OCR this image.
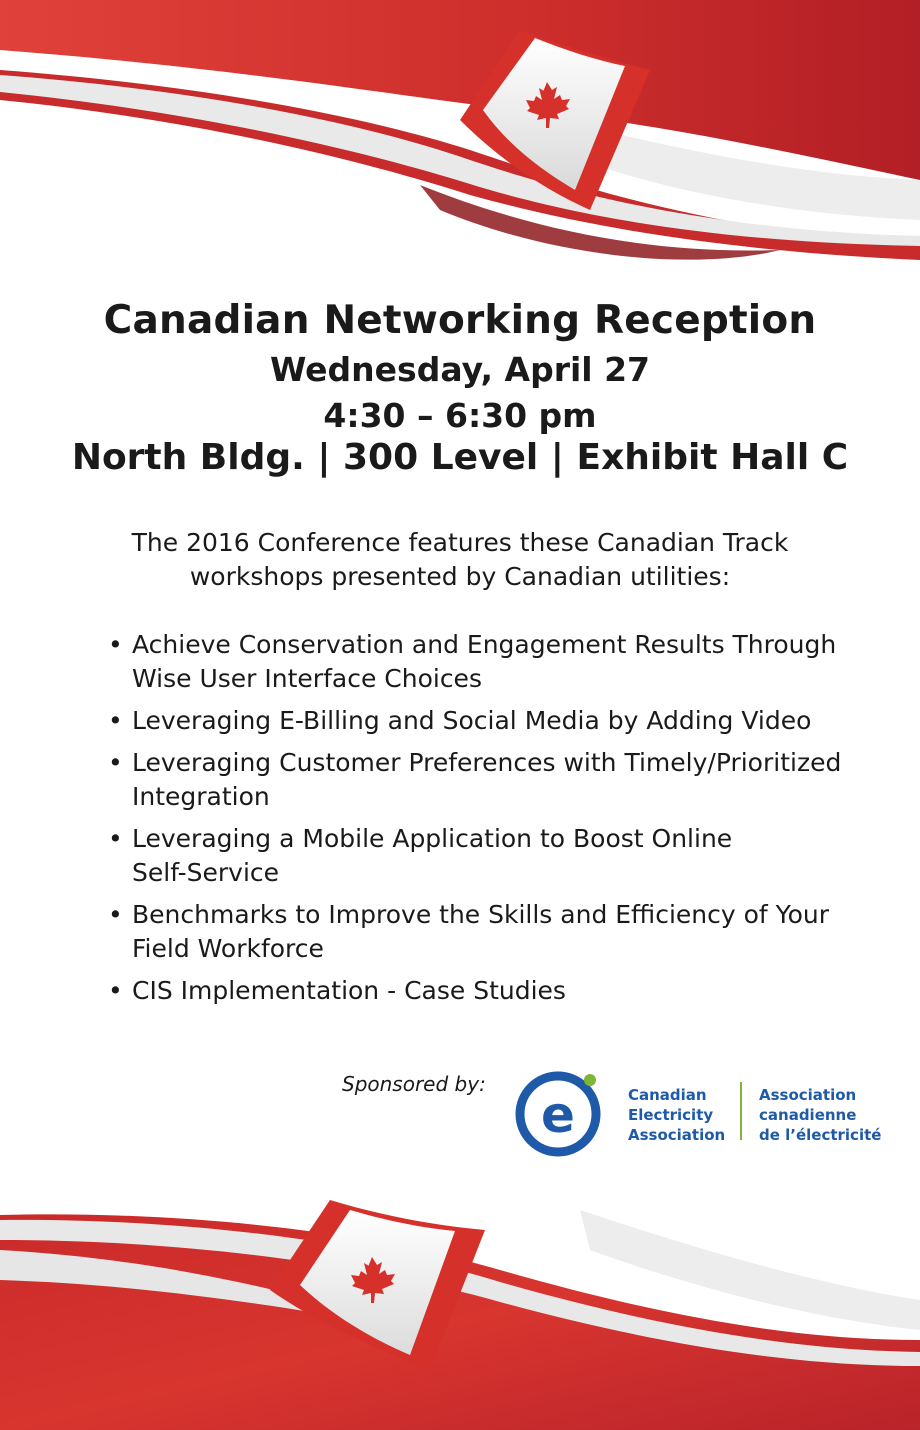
Canadian Networking Reception
Wednesday, April 27
4:30 – 6:30 pm
North Bldg. | 300 Level | Exhibit Hall C
The 2016 Conference features these Canadian Track
workshops presented by Canadian utilities:
• Achieve Conservation and Engagement Results Through
Wise User Interface Choices
• Leveraging E-Billing and Social Media by Adding Video
• Leveraging Customer Preferences with Timely/Prioritized
Integration
• Leveraging a Mobile Application to Boost Online
Self-Service
• Benchmarks to Improve the Skills and Efficiency of Your
Field Workforce
• CIS Implementation - Case Studies
Sponsored by:
e	Canadian
Electricity
Association
Association
canadienne
de l’électricité
